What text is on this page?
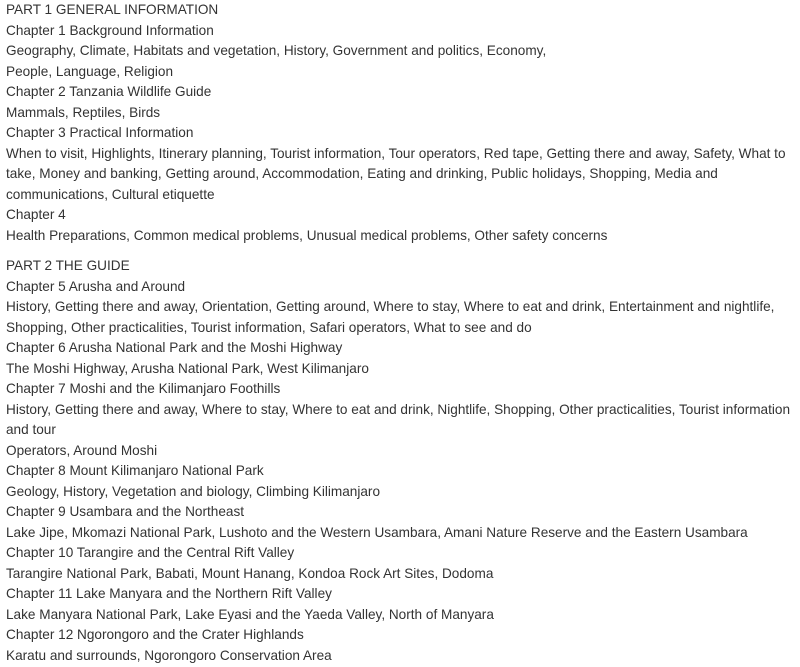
PART 1 GENERAL INFORMATION

Chapter 1 Background Information

Geography, Climate, Habitats and vegetation, History, Government and politics, Economy,

People, Language, Religion

Chapter 2 Tanzania Wildlife Guide

Mammals, Reptiles, Birds

Chapter 3 Practical Information

When to visit, Highlights, Itinerary planning, Tourist information, Tour operators, Red tape, Getting there and away, Safety, What to take, Money and banking, Getting around, Accommodation, Eating and drinking, Public holidays, Shopping, Media and communications, Cultural etiquette

Chapter 4

Health Preparations, Common medical problems, Unusual medical problems, Other safety concerns

PART 2 THE GUIDE

Chapter 5 Arusha and Around

History, Getting there and away, Orientation, Getting around, Where to stay, Where to eat and drink, Entertainment and nightlife, Shopping, Other practicalities, Tourist information, Safari operators, What to see and do

Chapter 6 Arusha National Park and the Moshi Highway

The Moshi Highway, Arusha National Park, West Kilimanjaro

Chapter 7 Moshi and the Kilimanjaro Foothills

History, Getting there and away, Where to stay, Where to eat and drink, Nightlife, Shopping, Other practicalities, Tourist information and tour

Operators, Around Moshi

Chapter 8 Mount Kilimanjaro National Park

Geology, History, Vegetation and biology, Climbing Kilimanjaro

Chapter 9 Usambara and the Northeast

Lake Jipe, Mkomazi National Park, Lushoto and the Western Usambara, Amani Nature Reserve and the Eastern Usambara

Chapter 10 Tarangire and the Central Rift Valley

Tarangire National Park, Babati, Mount Hanang, Kondoa Rock Art Sites, Dodoma

Chapter 11 Lake Manyara and the Northern Rift Valley

Lake Manyara National Park, Lake Eyasi and the Yaeda Valley, North of Manyara

Chapter 12 Ngorongoro and the Crater Highlands

Karatu and surrounds, Ngorongoro Conservation Area
